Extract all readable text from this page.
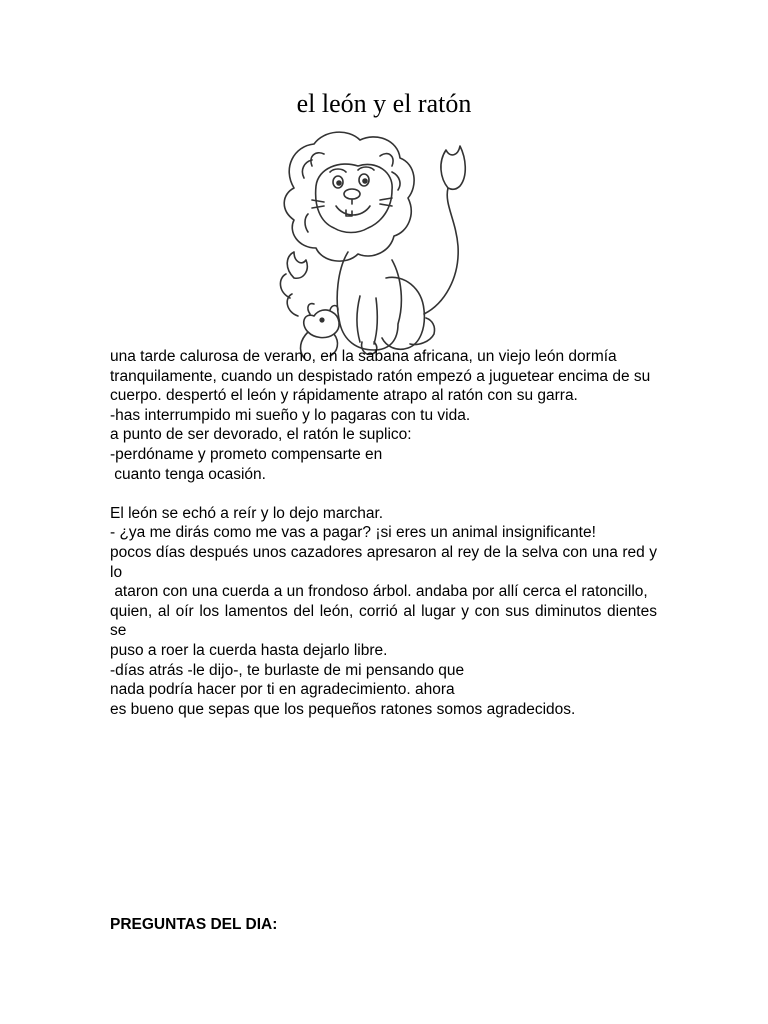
el león y el ratón

una tarde calurosa de verano, en la sabana africana, un viejo león dormía

tranquilamente, cuando un despistado ratón empezó a juguetear encima de su

cuerpo. despertó el león y rápidamente atrapo al ratón con su garra.

-has interrumpido mi sueño y lo pagaras con tu vida.

a punto de ser devorado, el ratón le suplico:

-perdóname y prometo compensarte en

cuanto tenga ocasión.

El león se echó a reír y lo dejo marchar.

- ¿ya me dirás como me vas a pagar? ¡si eres un animal insignificante!

pocos días después unos cazadores apresaron al rey de la selva con una red y lo

ataron con una cuerda a un frondoso árbol. andaba por allí cerca el ratoncillo,

quien, al oír los lamentos del león, corrió al lugar y con sus diminutos dientes se

puso a roer la cuerda hasta dejarlo libre.

-días atrás -le dijo-, te burlaste de mi pensando que

nada podría hacer por ti en agradecimiento. ahora

es bueno que sepas que los pequeños ratones somos agradecidos.

PREGUNTAS DEL DIA:
